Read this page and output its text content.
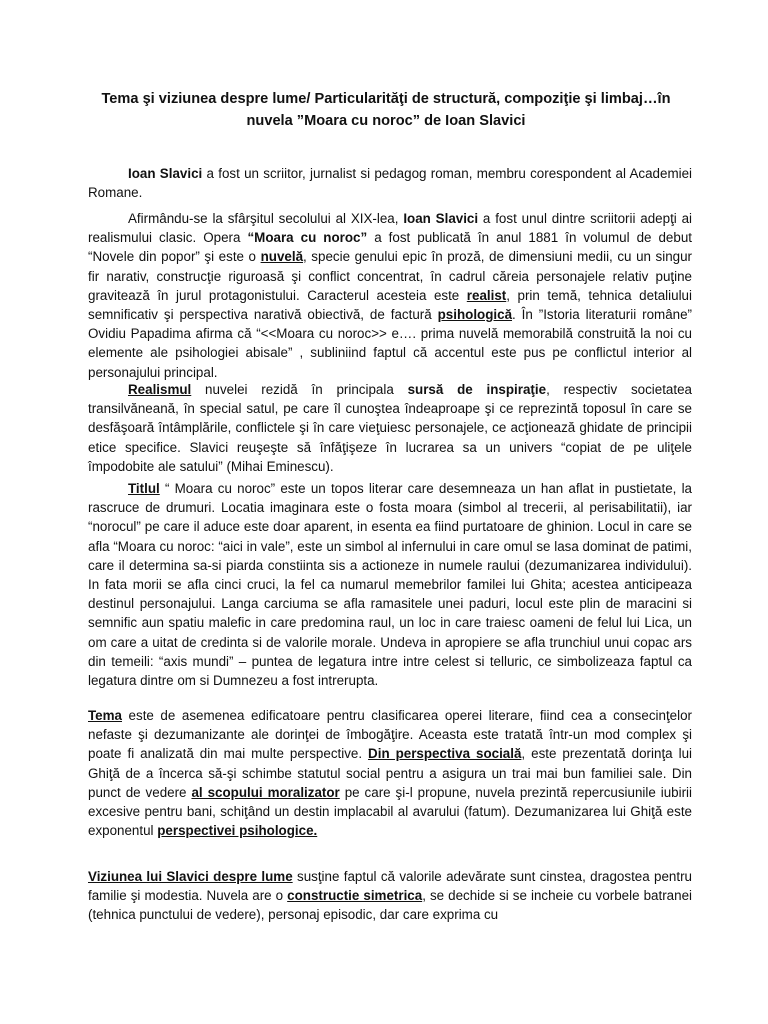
Tema şi viziunea despre lume/ Particularităţi de structură, compoziţie şi limbaj…în nuvela ”Moara cu noroc” de Ioan Slavici

Ioan Slavici a fost un scriitor, jurnalist si pedagog roman, membru corespondent al Academiei Romane.

Afirmându-se la sfârşitul secolului al XIX-lea, Ioan Slavici a fost unul dintre scriitorii adepţi ai realismului clasic. Opera “Moara cu noroc” a fost publicată în anul 1881 în volumul de debut “Novele din popor” şi este o nuvelă, specie genului epic în proză, de dimensiuni medii, cu un singur fir narativ, construcţie riguroasă şi conflict concentrat, în cadrul căreia personajele relativ puţine gravitează în jurul protagonistului. Caracterul acesteia este realist, prin temă, tehnica detaliului semnificativ şi perspectiva narativă obiectivă, de factură psihologică. În ”Istoria literaturii române” Ovidiu Papadima afirma că “<<Moara cu noroc>> e…. prima nuvelă memorabilă construită la noi cu elemente ale psihologiei abisale” , subliniind faptul că accentul este pus pe conflictul interior al personajului principal.

Realismul nuvelei rezidă în principala sursă de inspiraţie, respectiv societatea transilvăneană, în special satul, pe care îl cunoştea îndeaproape şi ce reprezintă toposul în care se desfăşoară întâmplările, conflictele şi în care vieţuiesc personajele, ce acţionează ghidate de principii etice specifice. Slavici reuşeşte să înfăţişeze în lucrarea sa un univers “copiat de pe uliţele împodobite ale satului” (Mihai Eminescu).

Titlul “ Moara cu noroc” este un topos literar care desemneaza un han aflat in pustietate, la rascruce de drumuri. Locatia imaginara este o fosta moara (simbol al trecerii, al perisabilitatii), iar “norocul” pe care il aduce este doar aparent, in esenta ea fiind purtatoare de ghinion. Locul in care se afla “Moara cu noroc: “aici in vale”, este un simbol al infernului in care omul se lasa dominat de patimi, care il determina sa-si piarda constiinta sis a actioneze in numele raului (dezumanizarea individului). In fata morii se afla cinci cruci, la fel ca numarul memebrilor familei lui Ghita; acestea anticipeaza destinul personajului. Langa carciuma se afla ramasitele unei paduri, locul este plin de maracini si semnific aun spatiu malefic in care predomina raul, un loc in care traiesc oameni de felul lui Lica, un om care a uitat de credinta si de valorile morale. Undeva in apropiere se afla trunchiul unui copac ars din temeili: “axis mundi” – puntea de legatura intre intre celest si telluric, ce simbolizeaza faptul ca legatura dintre om si Dumnezeu a fost intrerupta.

Tema este de asemenea edificatoare pentru clasificarea operei literare, fiind cea a consecinţelor nefaste şi dezumanizante ale dorinţei de îmbogăţire. Aceasta este tratată într-un mod complex şi poate fi analizată din mai multe perspective. Din perspectiva socială, este prezentată dorinţa lui Ghiţă de a încerca să-şi schimbe statutul social pentru a asigura un trai mai bun familiei sale. Din punct de vedere al scopului moralizator pe care şi-l propune, nuvela prezintă repercusiunile iubirii excesive pentru bani, schiţând un destin implacabil al avarului (fatum). Dezumanizarea lui Ghiţă este exponentul perspectivei psihologice.

Viziunea lui Slavici despre lume susţine faptul că valorile adevărate sunt cinstea, dragostea pentru familie şi modestia. Nuvela are o constructie simetrica, se dechide si se incheie cu vorbele batranei (tehnica punctului de vedere), personaj episodic, dar care exprima cu
